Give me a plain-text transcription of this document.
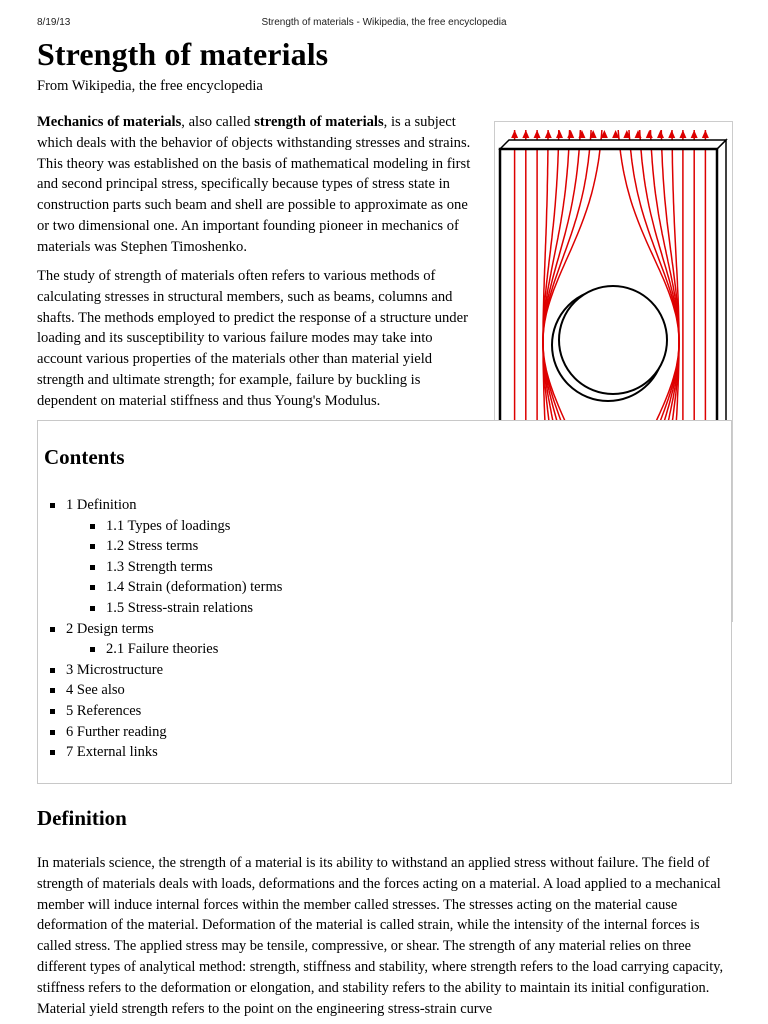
8/19/13	Strength of materials - Wikipedia, the free encyclopedia
Strength of materials
From Wikipedia, the free encyclopedia

Mechanics of materials, also called strength of materials, is a subject which deals with the behavior of objects withstanding stresses and strains. This theory was established on the basis of mathematical modeling in first and second principal stress, specifically because types of stress state in construction parts such beam and shell are possible to approximate as one or two dimensional one. An important founding pioneer in mechanics of materials was Stephen Timoshenko.

The study of strength of materials often refers to various methods of calculating stresses in structural members, such as beams, columns and shafts. The methods employed to predict the response of a structure under loading and its susceptibility to various failure modes may take into account various properties of the materials other than material yield strength and ultimate strength; for example, failure by buckling is dependent on material stiffness and thus Young's Modulus.

Contents
1 Definition
1.1 Types of loadings
1.2 Stress terms
1.3 Strength terms
1.4 Strain (deformation) terms
1.5 Stress-strain relations
2 Design terms
2.1 Failure theories
3 Microstructure
4 See also
5 References
6 Further reading
7 External links
Definition

In materials science, the strength of a material is its ability to withstand an applied stress without failure. The field of strength of materials deals with loads, deformations and the forces acting on a material. A load applied to a mechanical member will induce internal forces within the member called stresses. The stresses acting on the material cause deformation of the material. Deformation of the material is called strain, while the intensity of the internal forces is called stress. The applied stress may be tensile, compressive, or shear. The strength of any material relies on three different types of analytical method: strength, stiffness and stability, where strength refers to the load carrying capacity, stiffness refers to the deformation or elongation, and stability refers to the ability to maintain its initial configuration. Material yield strength refers to the point on the engineering stress-strain curve
